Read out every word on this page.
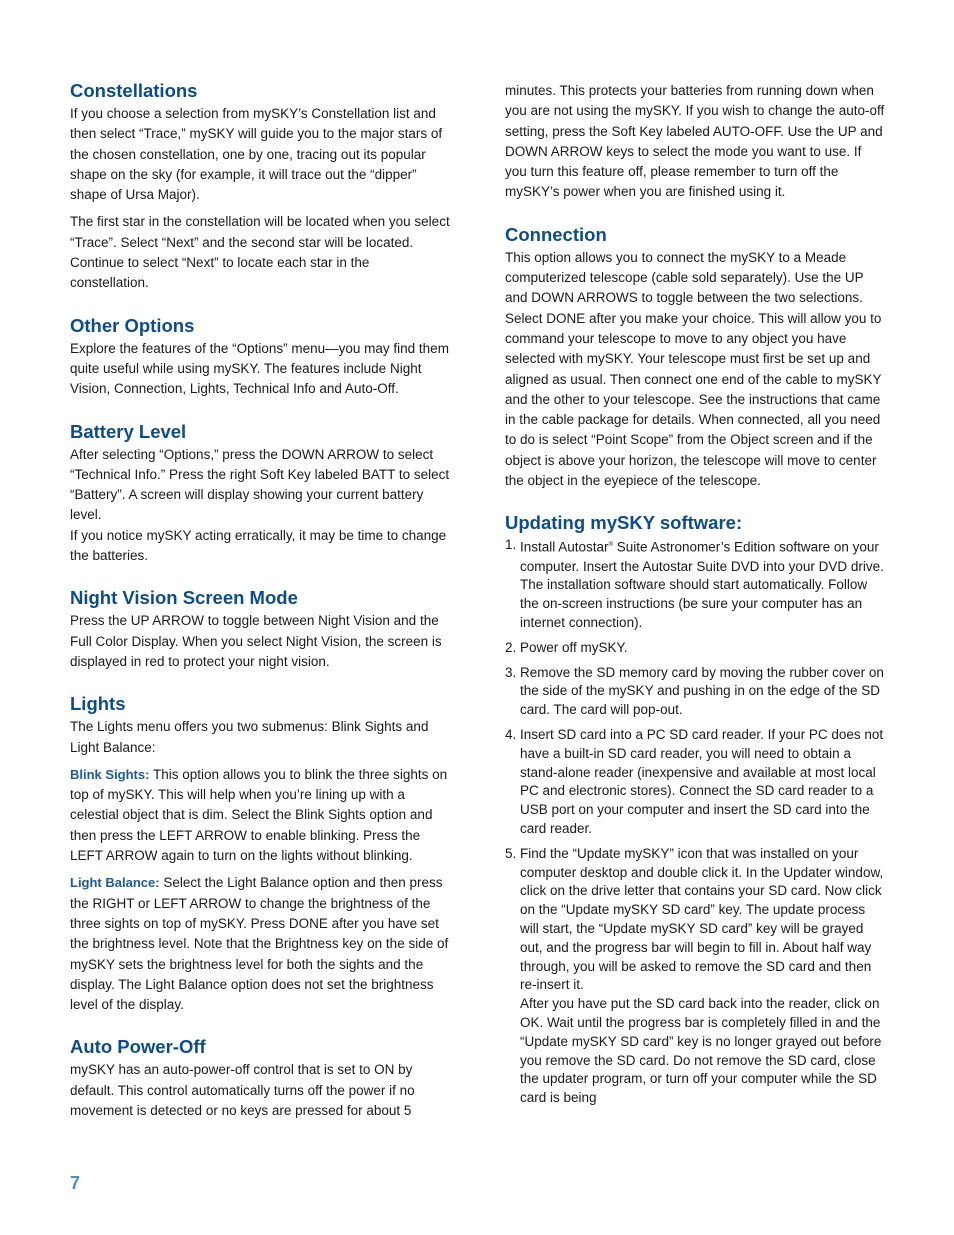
Constellations

If you choose a selection from mySKY’s Constellation list and then select “Trace,” mySKY will guide you to the major stars of the chosen constellation, one by one, tracing out its popular shape on the sky (for example, it will trace out the “dipper” shape of Ursa Major).

The first star in the constellation will be located when you select “Trace”. Select “Next” and the second star will be located. Continue to select “Next” to locate each star in the constellation.

Other Options

Explore the features of the “Options” menu—you may find them quite useful while using mySKY. The features include Night Vision, Connection, Lights, Technical Info and Auto-Off.

Battery Level

After selecting “Options,” press the DOWN ARROW to select “Technical Info.” Press the right Soft Key labeled BATT to select “Battery”. A screen will display showing your current battery level.

If you notice mySKY acting erratically, it may be time to change the batteries.

Night Vision Screen Mode

Press the UP ARROW to toggle between Night Vision and the Full Color Display. When you select Night Vision, the screen is displayed in red to protect your night vision.

Lights

The Lights menu offers you two submenus: Blink Sights and Light Balance:

Blink Sights: This option allows you to blink the three sights on top of mySKY. This will help when you’re lining up with a celestial object that is dim. Select the Blink Sights option and then press the LEFT ARROW to enable blinking. Press the LEFT ARROW again to turn on the lights without blinking.

Light Balance: Select the Light Balance option and then press the RIGHT or LEFT ARROW to change the brightness of the three sights on top of mySKY. Press DONE after you have set the brightness level. Note that the Brightness key on the side of mySKY sets the brightness level for both the sights and the display. The Light Balance option does not set the brightness level of the display.

Auto Power-Off

mySKY has an auto-power-off control that is set to ON by default. This control automatically turns off the power if no movement is detected or no keys are pressed for about 5

minutes. This protects your batteries from running down when you are not using the mySKY. If you wish to change the auto-off setting, press the Soft Key labeled AUTO-OFF. Use the UP and DOWN ARROW keys to select the mode you want to use. If you turn this feature off, please remember to turn off the mySKY’s power when you are finished using it.

Connection

This option allows you to connect the mySKY to a Meade computerized telescope (cable sold separately). Use the UP and DOWN ARROWS to toggle between the two selections. Select DONE after you make your choice. This will allow you to command your telescope to move to any object you have selected with mySKY. Your telescope must first be set up and aligned as usual. Then connect one end of the cable to mySKY and the other to your telescope. See the instructions that came in the cable package for details. When connected, all you need to do is select “Point Scope” from the Object screen and if the object is above your horizon, the telescope will move to center the object in the eyepiece of the telescope.

Updating mySKY software:
1. Install Autostar® Suite Astronomer’s Edition software on your computer. Insert the Autostar Suite DVD into your DVD drive. The installation software should start automatically. Follow the on-screen instructions (be sure your computer has an internet connection).
2. Power off mySKY.
3. Remove the SD memory card by moving the rubber cover on the side of the mySKY and pushing in on the edge of the SD card. The card will pop-out.
4. Insert SD card into a PC SD card reader. If your PC does not have a built-in SD card reader, you will need to obtain a stand-alone reader (inexpensive and available at most local PC and electronic stores). Connect the SD card reader to a USB port on your computer and insert the SD card into the card reader.
5. Find the “Update mySKY” icon that was installed on your computer desktop and double click it. In the Updater window, click on the drive letter that contains your SD card. Now click on the “Update mySKY SD card” key. The update process will start, the “Update mySKY SD card” key will be grayed out, and the progress bar will begin to fill in. About half way through, you will be asked to remove the SD card and then re-insert it.
After you have put the SD card back into the reader, click on OK. Wait until the progress bar is completely filled in and the “Update mySKY SD card” key is no longer grayed out before you remove the SD card. Do not remove the SD card, close the updater program, or turn off your computer while the SD card is being
7
